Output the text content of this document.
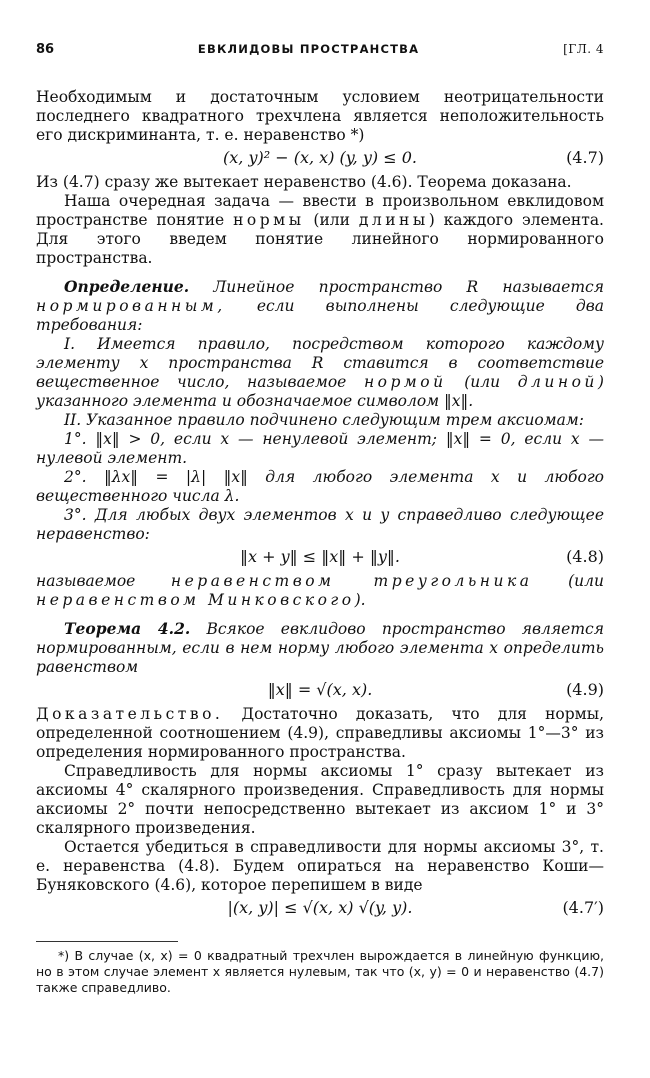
86	ЕВКЛИДОВЫ ПРОСТРАНСТВА	[ГЛ. 4

Необходимым и достаточным условием неотрицательности последнего квадратного трехчлена является неположительность его дискриминанта, т. е. неравенство *)

(x, y)² − (x, x) (y, y) ≤ 0.	(4.7)

Из (4.7) сразу же вытекает неравенство (4.6). Теорема доказана.

Наша очередная задача — ввести в произвольном евклидовом пространстве понятие нормы (или длины) каждого элемента. Для этого введем понятие линейного нормированного пространства.

Определение. Линейное пространство R называется нормированным, если выполнены следующие два требования:

I. Имеется правило, посредством которого каждому элементу x пространства R ставится в соответствие вещественное число, называемое нормой (или длиной) указанного элемента и обозначаемое символом ‖x‖.

II. Указанное правило подчинено следующим трем аксиомам:

1°. ‖x‖ > 0, если x — ненулевой элемент; ‖x‖ = 0, если x — нулевой элемент.

2°. ‖λx‖ = |λ| ‖x‖ для любого элемента x и любого вещественного числа λ.

3°. Для любых двух элементов x и y справедливо следующее неравенство:

‖x + y‖ ≤ ‖x‖ + ‖y‖.	(4.8)

называемое неравенством треугольника (или неравенством Минковского).

Теорема 4.2. Всякое евклидово пространство является нормированным, если в нем норму любого элемента x определить равенством

‖x‖ = √(x, x).	(4.9)

Доказательство. Достаточно доказать, что для нормы, определенной соотношением (4.9), справедливы аксиомы 1°—3° из определения нормированного пространства.

Справедливость для нормы аксиомы 1° сразу вытекает из аксиомы 4° скалярного произведения. Справедливость для нормы аксиомы 2° почти непосредственно вытекает из аксиом 1° и 3° скалярного произведения.

Остается убедиться в справедливости для нормы аксиомы 3°, т. е. неравенства (4.8). Будем опираться на неравенство Коши—Буняковского (4.6), которое перепишем в виде

|(x, y)| ≤ √(x, x) √(y, y).	(4.7′)

*) В случае (x, x) = 0 квадратный трехчлен вырождается в линейную функцию, но в этом случае элемент x является нулевым, так что (x, y) = 0 и неравенство (4.7) также справедливо.
